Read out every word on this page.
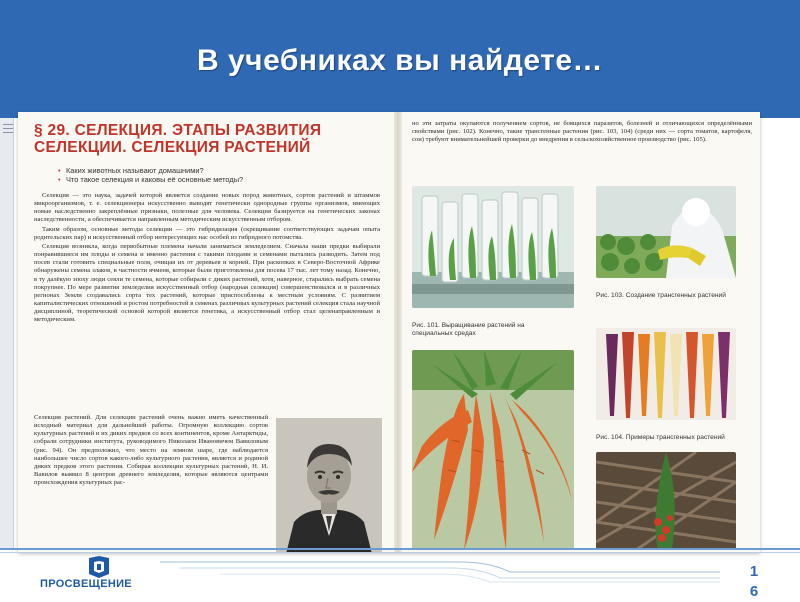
В учебниках вы найдете…
§ 29. СЕЛЕКЦИЯ. ЭТАПЫ РАЗВИТИЯ СЕЛЕКЦИИ. СЕЛЕКЦИЯ РАСТЕНИЙ
• Каких животных называют домашними?
• Что такое селекция и каковы её основные методы?

Селекция — это наука, задачей которой является создание новых пород животных, сортов растений и штаммов микроорганизмов, т. е. селекционеры искусственно выводят генетически однородные группы организмов, имеющих новые наследственно закреплённые признаки, полезные для человека. Селекция базируется на генетических законах наследственности, а обеспечивается направленным методическим искусственным отбором.

Таким образом, основные методы селекции — это гибридизация (скрещивание соответствующих задачам опыта родительских пар) и искусственный отбор интересующих нас особей из гибридного потомства.

Селекция возникла, когда первобытные племена начали заниматься земледелием. Сначала наши предки выбирали понравившиеся им плоды и семена и именно растения с такими плодами и семенами пытались разводить. Затем под посев стали готовить специальные поля, очищая их от деревьев и корней. При раскопках в Северо-Восточной Африке обнаружены семена злаков, в частности ячменя, которые были приготовлены для посева 17 тыс. лет тому назад. Конечно, в ту далёкую эпоху люди сеяли те семена, которые собирали с диких растений, хотя, наверное, старались выбрать семена покрупнее. По мере развития земледелия искусственный отбор (народная селекция) совершенствовался и в различных регионах Земли создавались сорта тех растений, которые приспособлены к местным условиям. С развитием капиталистических отношений и ростом потребностей в семенах различных культурных растений селекция стала научной дисциплиной, теоретической основой которой является генетика, а искусственный отбор стал целенаправленным и методическим.

Селекция растений. Для селекции растений очень важно иметь качественный исходный материал для дальнейшей работы. Огромную коллекцию сортов культурных растений и их диких предков со всех континентов, кроме Антарктиды, собрали сотрудники института, руководимого Николаем Ивановичем Вавиловым (рис. 94). Он предположил, что место на земном шаре, где наблюдается наибольшее число сортов какого-либо культурного растения, является и родиной диких предков этого растения. Собирая коллекции культурных растений, Н. И. Вавилов выявил 8 центров древнего земледелия, которые являются центрами происхождения культурных рас-
но эти затраты окупаются получением сортов, не боящихся паразитов, болезней и отличающихся определёнными свойствами (рис. 102). Конечно, такие трансгенные растения (рис. 103, 104) (среди них — сорта томатов, картофеля, сои) требуют внимательнейшей проверки до внедрения в сельскохозяйственное производство (рис. 105).
Рис. 101. Выращивание растений на специальных средах
Рис. 103. Создание трансгенных растений
Рис. 104. Примеры трансгенных растений
ПРОСВЕЩЕНИЕ
1
6
